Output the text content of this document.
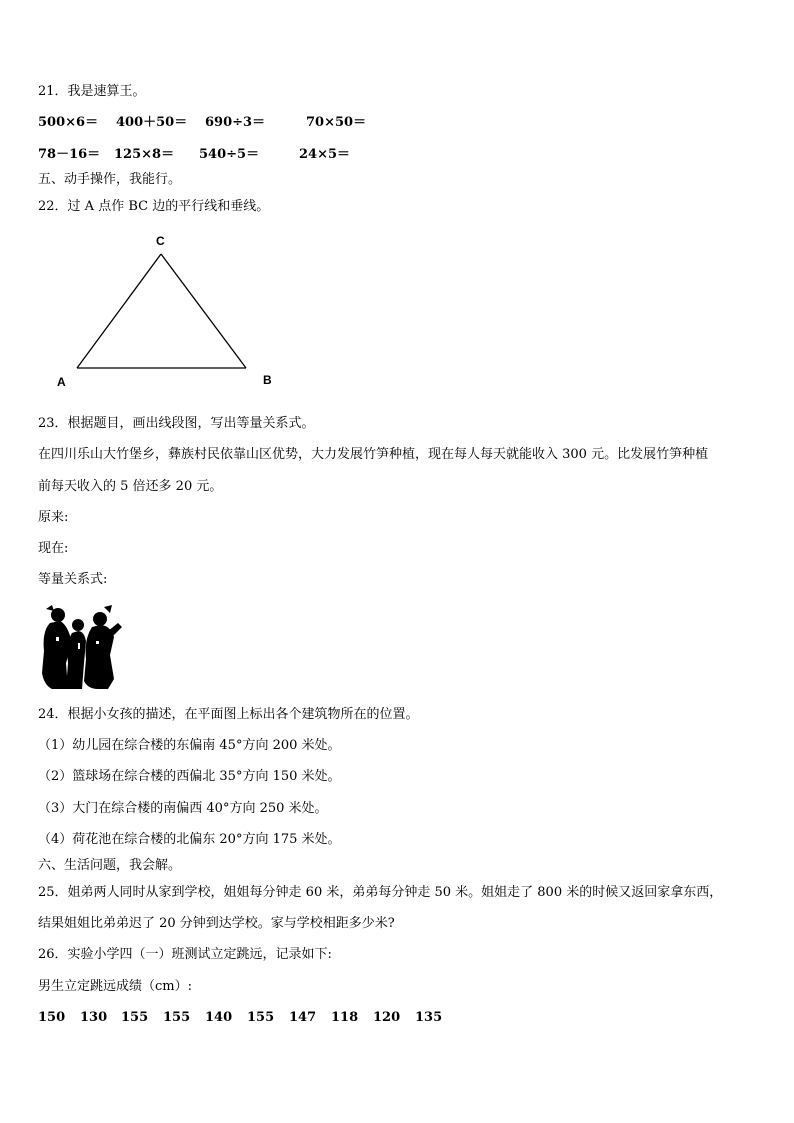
21．我是速算王。
500×6＝ 400＋50＝ 690÷3＝	70×50＝
78－16＝ 125×8＝ 540÷5＝	24×5＝
五、动手操作，我能行。
22．过 A 点作 BC 边的平行线和垂线。
A	B
C
23．根据题目，画出线段图，写出等量关系式。
在四川乐山大竹堡乡，彝族村民依靠山区优势，大力发展竹笋种植，现在每人每天就能收入 300 元。比发展竹笋种植
前每天收入的 5 倍还多 20 元。
原来:
现在:
等量关系式:
24．根据小女孩的描述，在平面图上标出各个建筑物所在的位置。
（1）幼儿园在综合楼的东偏南 45°方向 200 米处。
（2）篮球场在综合楼的西偏北 35°方向 150 米处。
（3）大门在综合楼的南偏西 40°方向 250 米处。
（4）荷花池在综合楼的北偏东 20°方向 175 米处。
六、生活问题，我会解。
25．姐弟两人同时从家到学校，姐姐每分钟走 60 米，弟弟每分钟走 50 米。姐姐走了 800 米的时候又返回家拿东西，
结果姐姐比弟弟迟了 20 分钟到达学校。家与学校相距多少米?
26．实验小学四（一）班测试立定跳远，记录如下:
男生立定跳远成绩（cm）:
150 130 155 155 140 155 147 118 120 135
